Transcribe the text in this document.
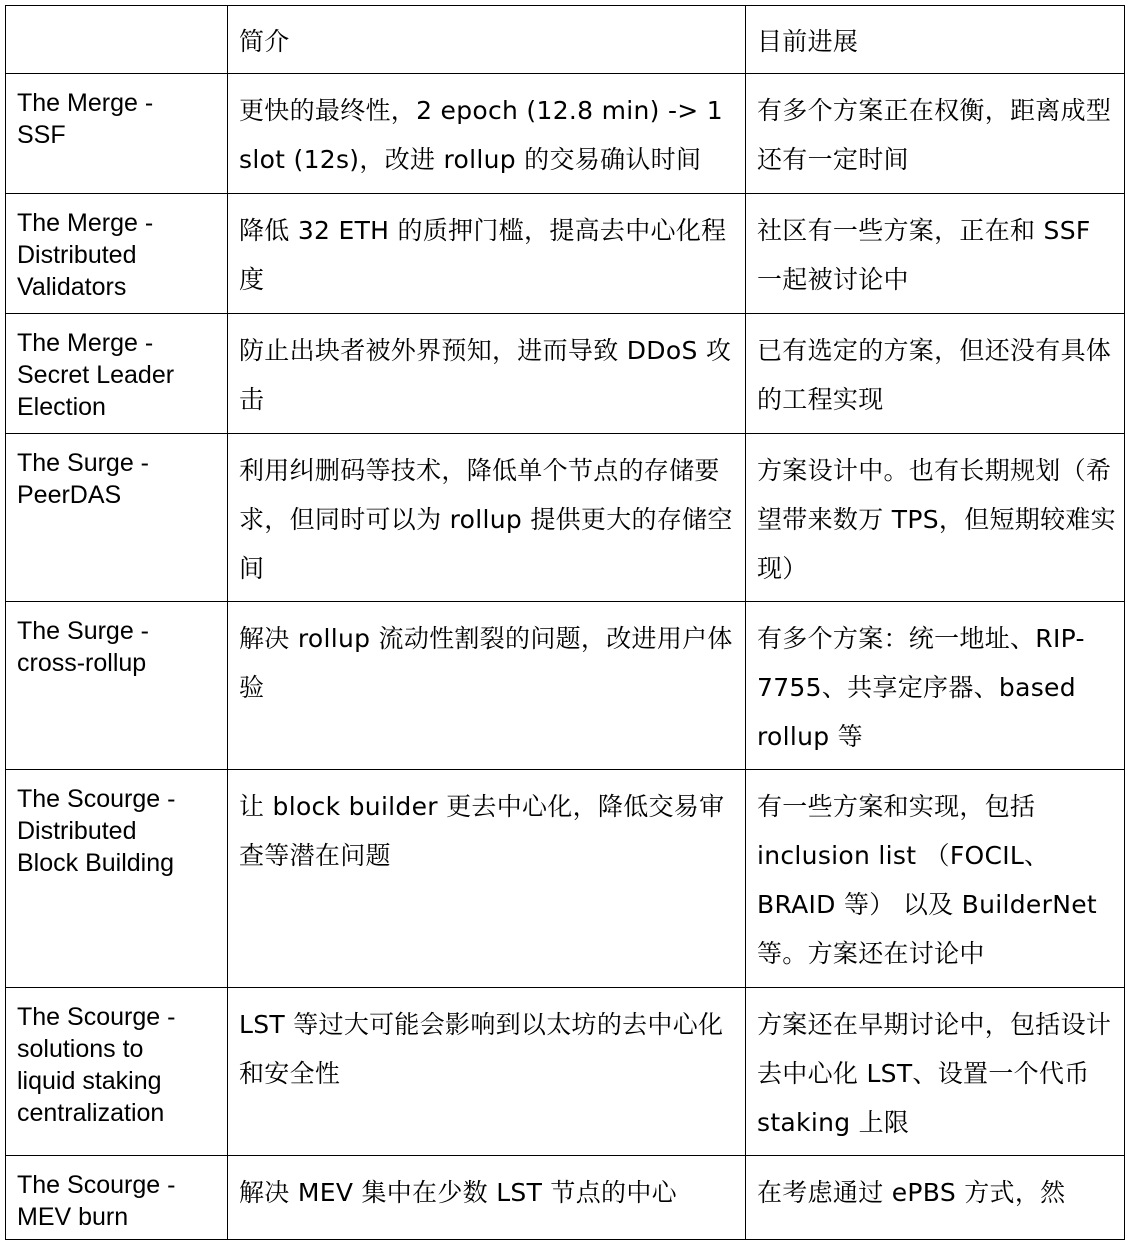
	简介	目前进展

The Merge -
SSF	更快的最终性，2 epoch (12.8 min) -> 1 slot (12s)，改进 rollup 的交易确认时间	有多个方案正在权衡，距离成型还有一定时间

The Merge -
Distributed
Validators	降低 32 ETH 的质押门槛，提高去中心化程度	社区有一些方案，正在和 SSF 一起被讨论中

The Merge -
Secret Leader
Election	防止出块者被外界预知，进而导致 DDoS 攻击	已有选定的方案，但还没有具体的工程实现

The Surge -
PeerDAS	利用纠删码等技术，降低单个节点的存储要求，但同时可以为 rollup 提供更大的存储空间	方案设计中。也有长期规划（希望带来数万 TPS，但短期较难实现）

The Surge -
cross-rollup	解决 rollup 流动性割裂的问题，改进用户体验	有多个方案：统一地址、RIP-7755、共享定序器、based rollup 等

The Scourge -
Distributed
Block Building	让 block builder 更去中心化，降低交易审查等潜在问题	有一些方案和实现，包括 inclusion list （FOCIL、BRAID 等） 以及 BuilderNet 等。方案还在讨论中

The Scourge -
solutions to
liquid staking
centralization	LST 等过大可能会影响到以太坊的去中心化和安全性	方案还在早期讨论中，包括设计去中心化 LST、设置一个代币 staking 上限

The Scourge -
MEV burn	解决 MEV 集中在少数 LST 节点的中心	在考虑通过 ePBS 方式，然
